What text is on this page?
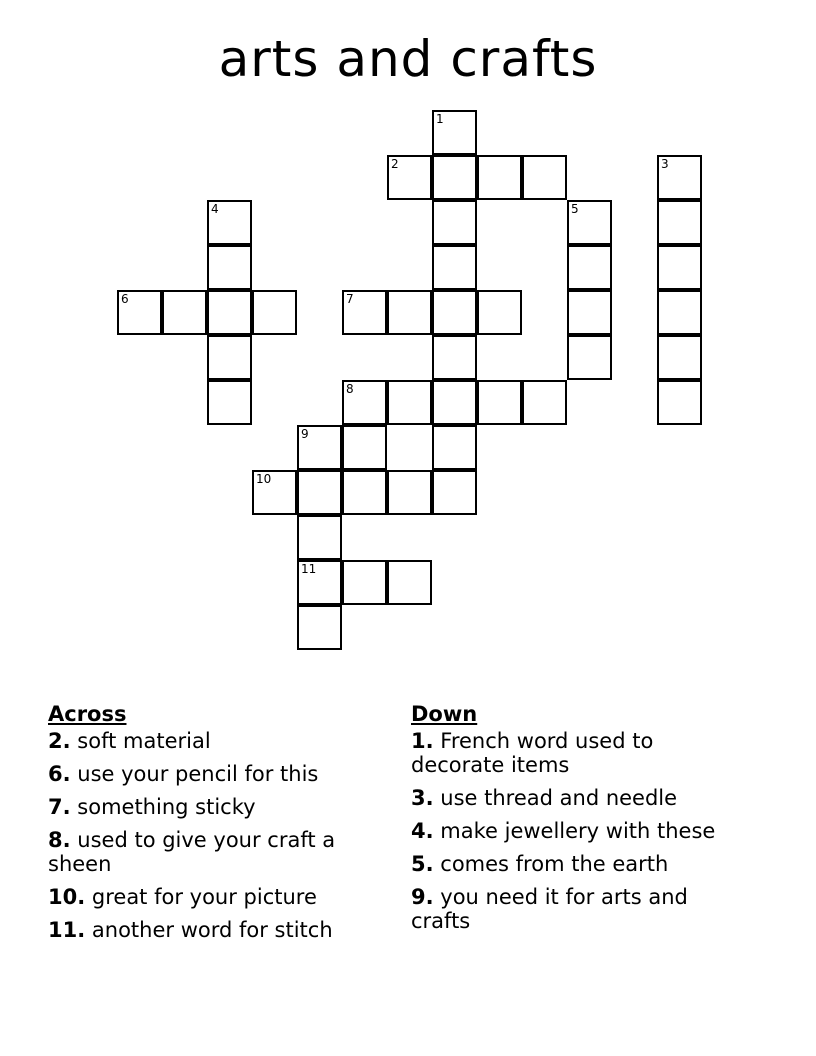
arts and crafts
1
2	3
4	5
6	7
8
9
10
11
Across
2. soft material
6. use your pencil for this
7. something sticky
8. used to give your craft a sheen
10. great for your picture
11. another word for stitch
Down
1. French word used to decorate items
3. use thread and needle
4. make jewellery with these
5. comes from the earth
9. you need it for arts and crafts
